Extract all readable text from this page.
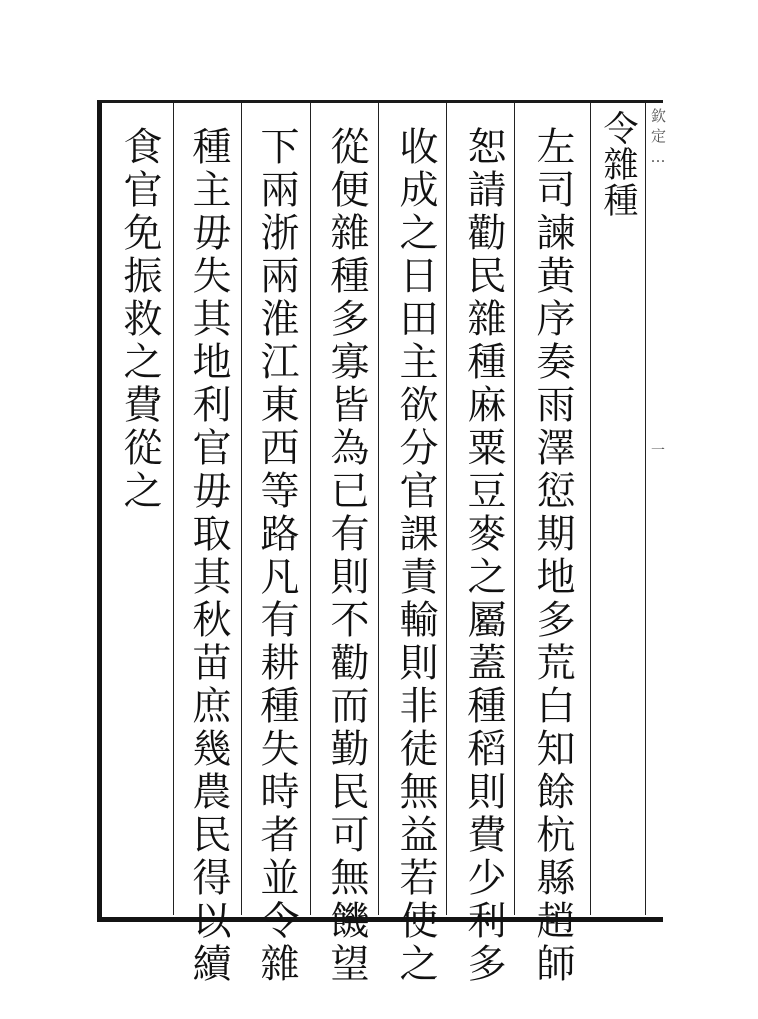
令雜種
左司諫黄序奏雨澤愆期地多荒白知餘杭縣趙師
恕請勸民雜種麻粟豆麥之屬蓋種稻則費少利多
收成之日田主欲分官課責輸則非徒無益若使之
從便雜種多寡皆為已有則不勸而勤民可無饑望
下兩浙兩淮江東西等路凡有耕種失時者並令雜
種主毋失其地利官毋取其秋苗庶幾農民得以續
食官免振救之費從之	欽定…
一
